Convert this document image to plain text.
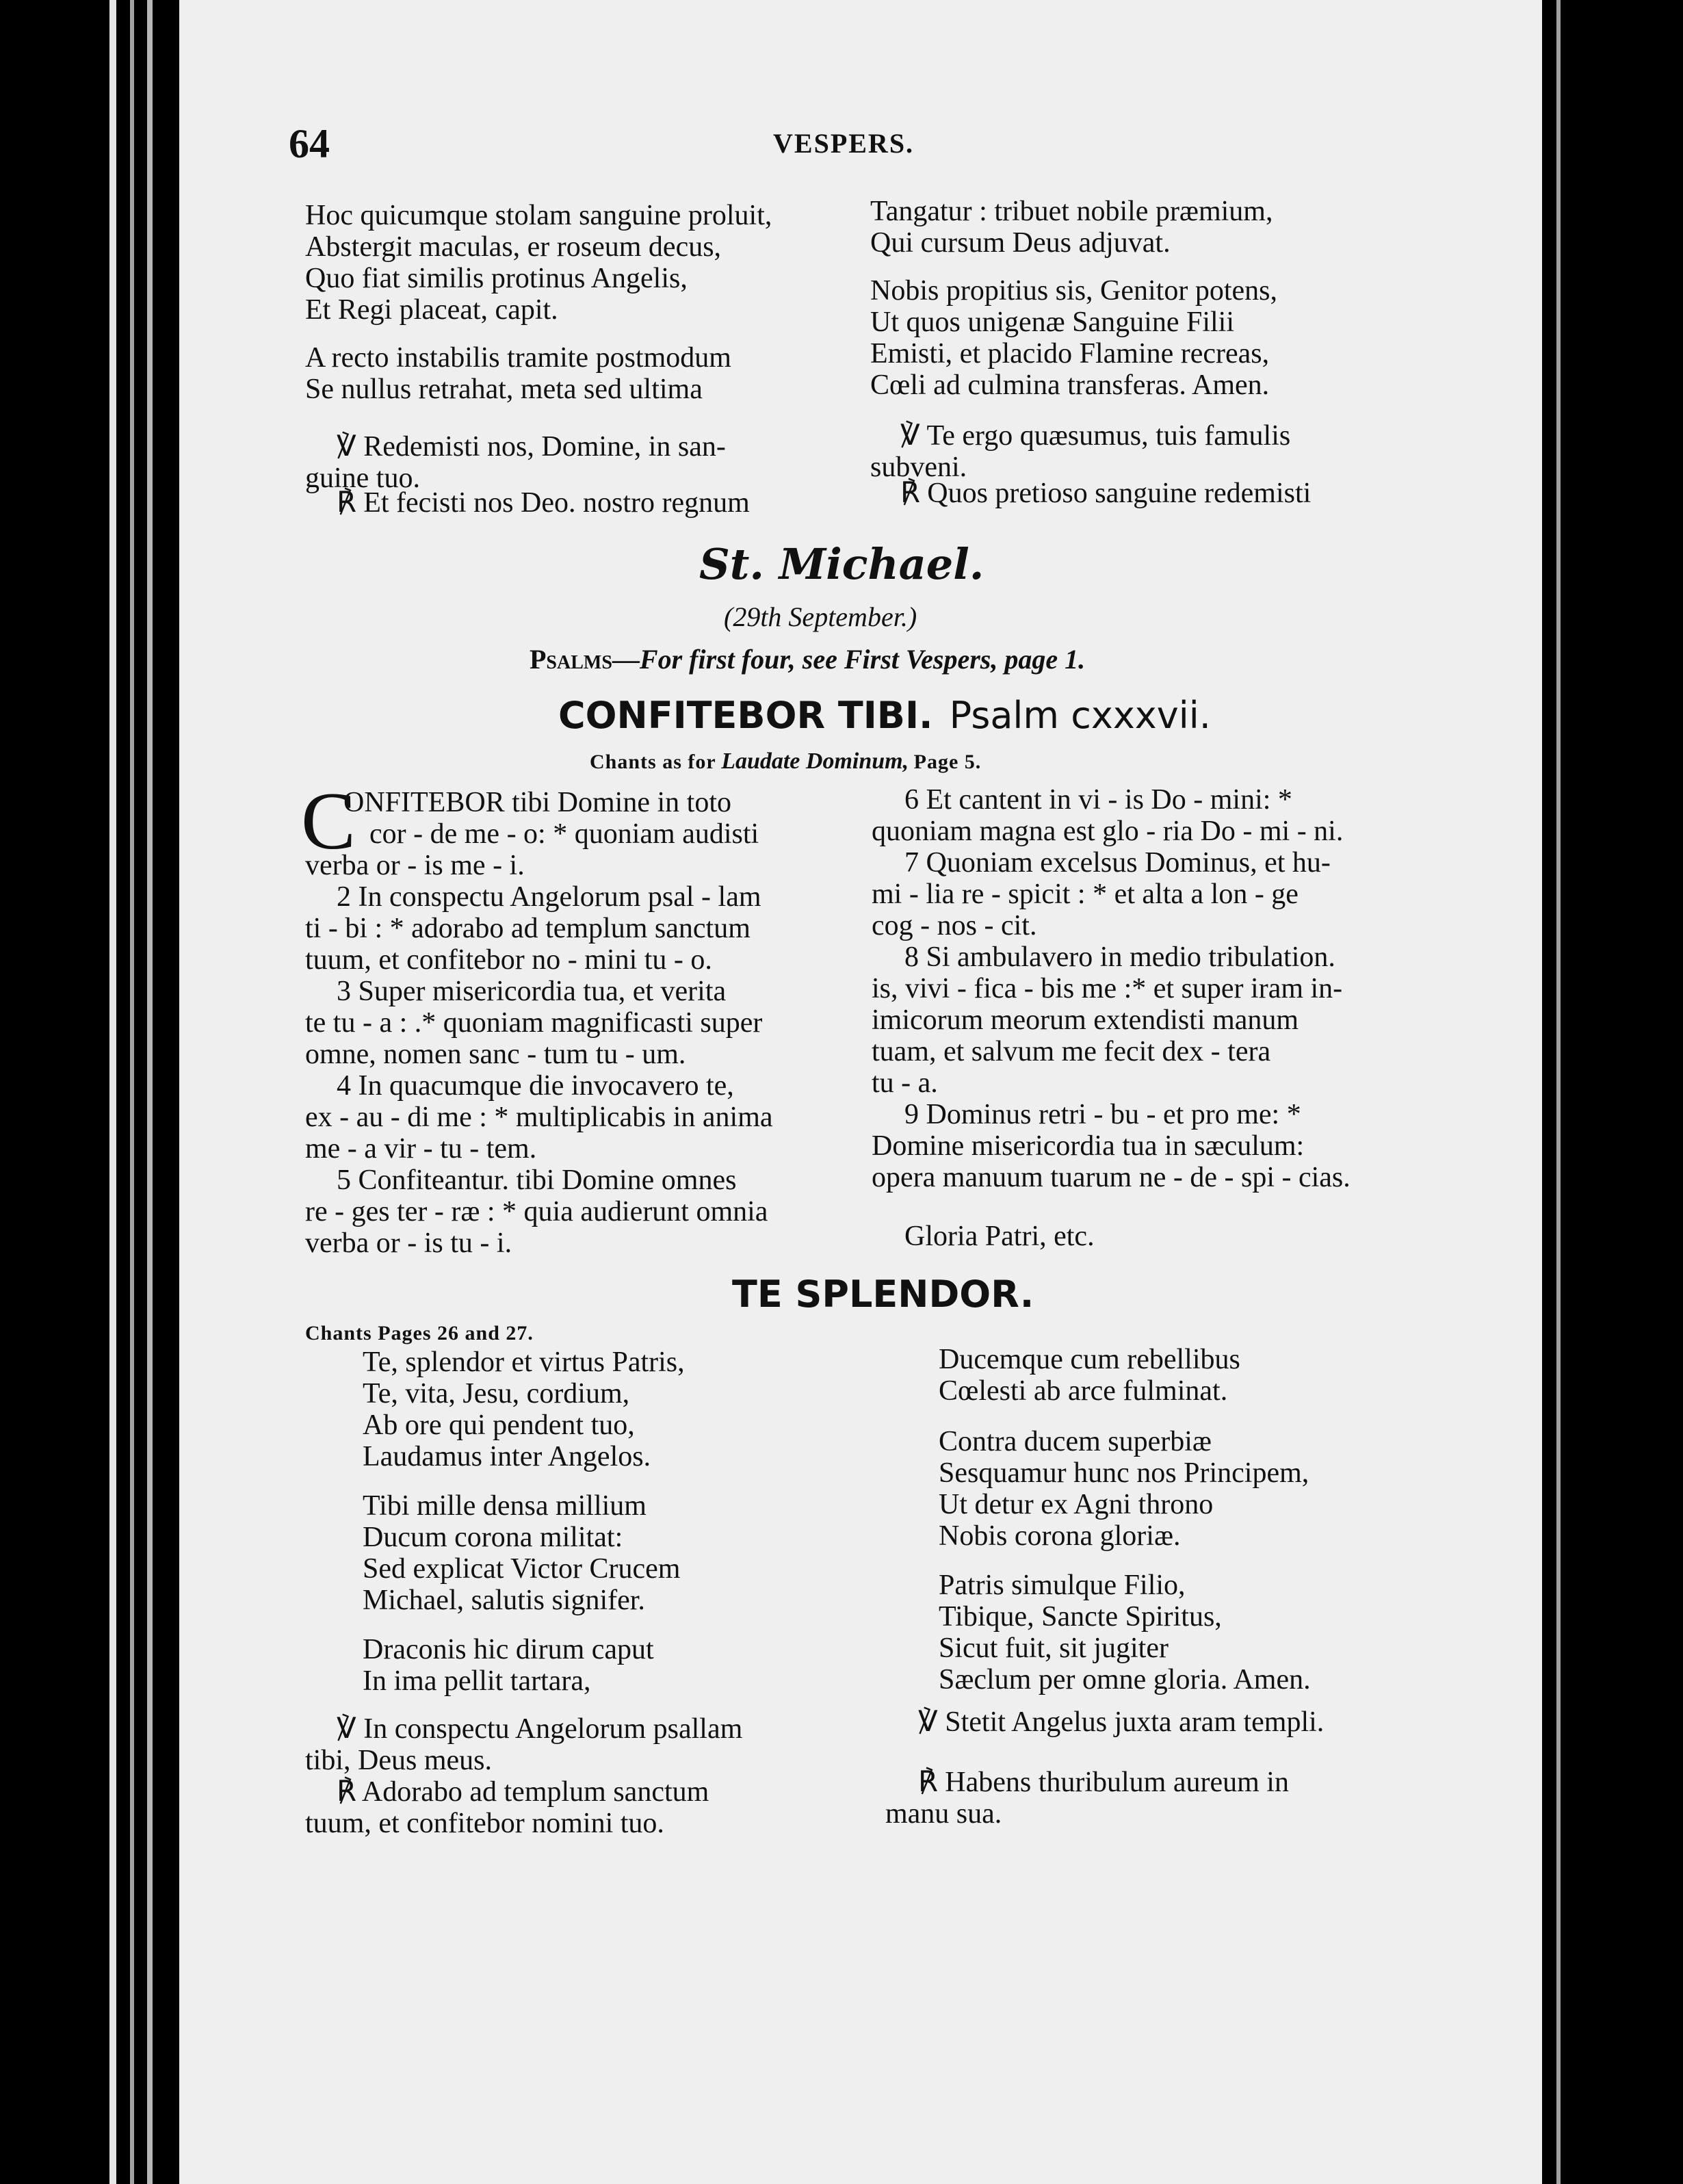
64	VESPERS.
Hoc quicumque stolam sanguine proluit,
Abstergit maculas, er roseum decus,
Quo fiat similis protinus Angelis,
Et Regi placeat, capit.
A recto instabilis tramite postmodum
Se nullus retrahat, meta sed ultima
Tangatur : tribuet nobile præmium,
Qui cursum Deus adjuvat.
Nobis propitius sis, Genitor potens,
Ut quos unigenæ Sanguine Filii
Emisti, et placido Flamine recreas,
Cœli ad culmina transferas. Amen.
℣ Redemisti nos, Domine, in san-
guine tuo.
℟ Et fecisti nos Deo. nostro regnum
℣ Te ergo quæsumus, tuis famulis
subveni.
℟ Quos pretioso sanguine redemisti
St. Michael.
(29th September.)
Psalms—For first four, see First Vespers, page 1.
CONFITEBOR TIBI. Psalm cxxxvii.
Chants as for Laudate Dominum, Page 5.
C
ONFITEBOR tibi Domine in toto
cor - de me - o: * quoniam audisti
verba or - is me - i.
2 In conspectu Angelorum psal - lam
ti - bi : * adorabo ad templum sanctum
tuum, et confitebor no - mini tu - o.
3 Super misericordia tua, et verita
te tu - a : .* quoniam magnificasti super
omne, nomen sanc - tum tu - um.
4 In quacumque die invocavero te,
ex - au - di me : * multiplicabis in anima
me - a vir - tu - tem.
5 Confiteantur. tibi Domine omnes
re - ges ter - ræ : * quia audierunt omnia
verba or - is tu - i.
6 Et cantent in vi - is Do - mini: *
quoniam magna est glo - ria Do - mi - ni.
7 Quoniam excelsus Dominus, et hu-
mi - lia re - spicit : * et alta a lon - ge
cog - nos - cit.
8 Si ambulavero in medio tribulation.
is, vivi - fica - bis me :* et super iram in-
imicorum meorum extendisti manum
tuam, et salvum me fecit dex - tera
tu - a.
9 Dominus retri - bu - et pro me: *
Domine misericordia tua in sæculum:
opera manuum tuarum ne - de - spi - cias.
Gloria Patri, etc.
TE SPLENDOR.
Chants Pages 26 and 27.
Te, splendor et virtus Patris,
Te, vita, Jesu, cordium,
Ab ore qui pendent tuo,
Laudamus inter Angelos.
Tibi mille densa millium
Ducum corona militat:
Sed explicat Victor Crucem
Michael, salutis signifer.
Draconis hic dirum caput
In ima pellit tartara,
Ducemque cum rebellibus
Cœlesti ab arce fulminat.
Contra ducem superbiæ
Sesquamur hunc nos Principem,
Ut detur ex Agni throno
Nobis corona gloriæ.
Patris simulque Filio,
Tibique, Sancte Spiritus,
Sicut fuit, sit jugiter
Sæclum per omne gloria. Amen.
℣ In conspectu Angelorum psallam
tibi, Deus meus.
℟ Adorabo ad templum sanctum
tuum, et confitebor nomini tuo.
℣ Stetit Angelus juxta aram templi.
℟ Habens thuribulum aureum in
manu sua.
